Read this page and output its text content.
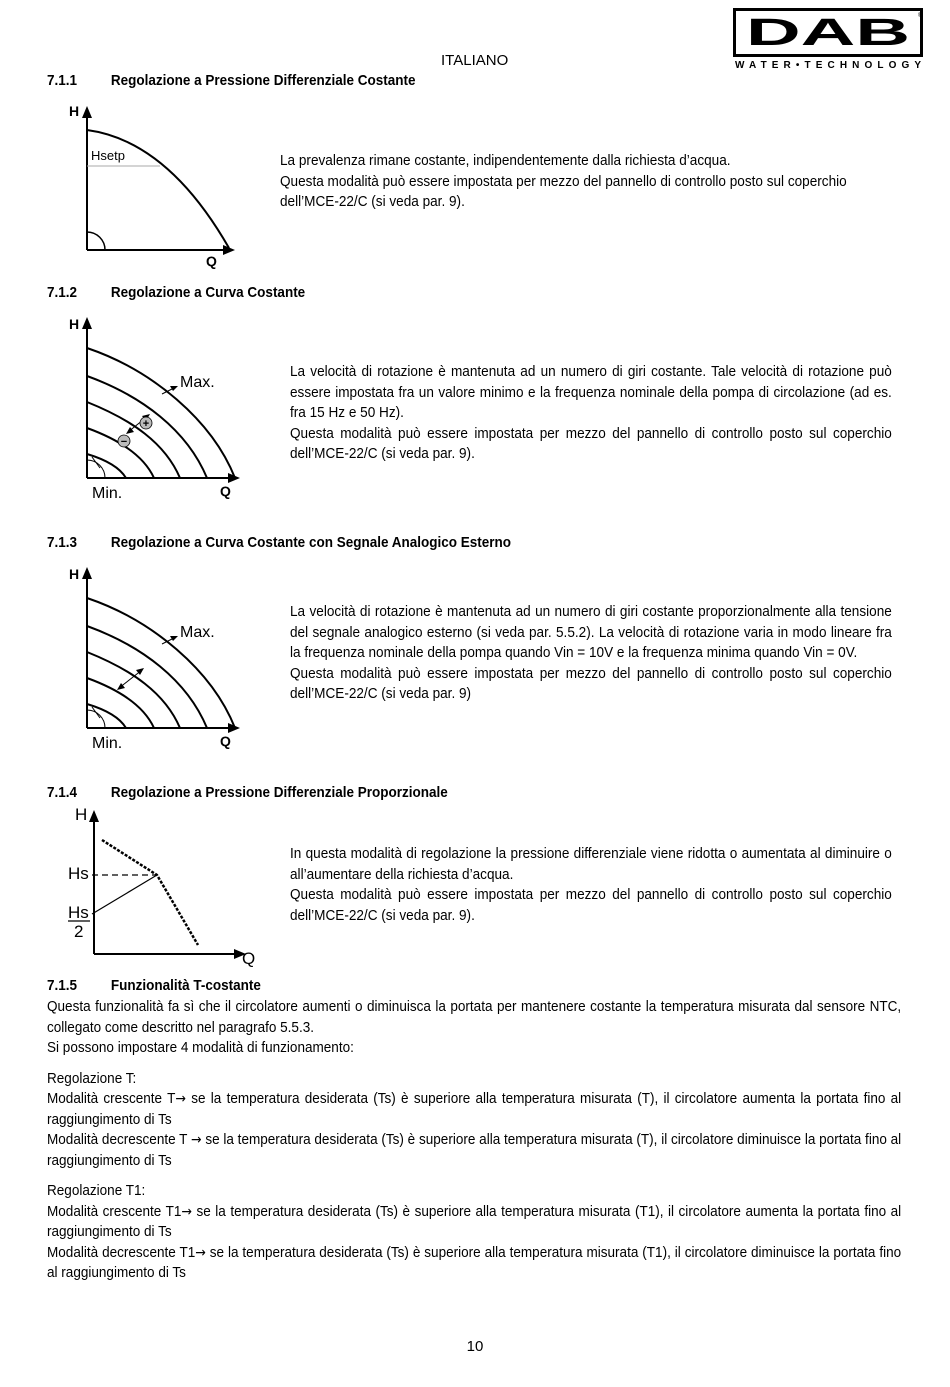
ITALIANO
DAB
WATER•TECHNOLOGY
®
7.1.1 Regolazione a Pressione Differenziale Costante
H
Hsetp
Q

La prevalenza rimane costante, indipendentemente dalla richiesta d’acqua.

Questa modalità può essere impostata per mezzo del pannello di controllo posto sul coperchio dell’MCE-22/C (si veda par. 9).

7.1.2 Regolazione a Curva Costante
+
−
H
Max.
Min.	Q

La velocità di rotazione è mantenuta ad un numero di giri costante. Tale velocità di rotazione può essere impostata fra un valore minimo e la frequenza nominale della pompa di circolazione (ad es. fra 15 Hz e 50 Hz).

Questa modalità può essere impostata per mezzo del pannello di controllo posto sul coperchio dell’MCE-22/C (si veda par. 9).

7.1.3 Regolazione a Curva Costante con Segnale Analogico Esterno
H
Max.
Min.	Q

La velocità di rotazione è mantenuta ad un numero di giri costante proporzionalmente alla tensione del segnale analogico esterno (si veda par. 5.5.2). La velocità di rotazione varia in modo lineare fra la frequenza nominale della pompa quando Vin = 10V e la frequenza minima quando Vin = 0V.

Questa modalità può essere impostata per mezzo del pannello di controllo posto sul coperchio dell’MCE-22/C (si veda par. 9)

7.1.4 Regolazione a Pressione Differenziale Proporzionale
H
Hs
Hs
2
Q

In questa modalità di regolazione la pressione differenziale viene ridotta o aumentata al diminuire o all’aumentare della richiesta d’acqua.

Questa modalità può essere impostata per mezzo del pannello di controllo posto sul coperchio dell’MCE-22/C (si veda par. 9).

7.1.5 Funzionalità T-costante

Questa funzionalità fa sì che il circolatore aumenti o diminuisca la portata per mantenere costante la temperatura misurata dal sensore NTC, collegato come descritto nel paragrafo 5.5.3.

Si possono impostare 4 modalità di funzionamento:

Regolazione T:

Modalità crescente T→ se la temperatura desiderata (Ts) è superiore alla temperatura misurata (T), il circolatore aumenta la portata fino al raggiungimento di Ts

Modalità decrescente T → se la temperatura desiderata (Ts) è superiore alla temperatura misurata (T), il circolatore diminuisce la portata fino al raggiungimento di Ts

Regolazione T1:

Modalità crescente T1→ se la temperatura desiderata (Ts) è superiore alla temperatura misurata (T1), il circolatore aumenta la portata fino al raggiungimento di Ts

Modalità decrescente T1→ se la temperatura desiderata (Ts) è superiore alla temperatura misurata (T1), il circolatore diminuisce la portata fino al raggiungimento di Ts

10
